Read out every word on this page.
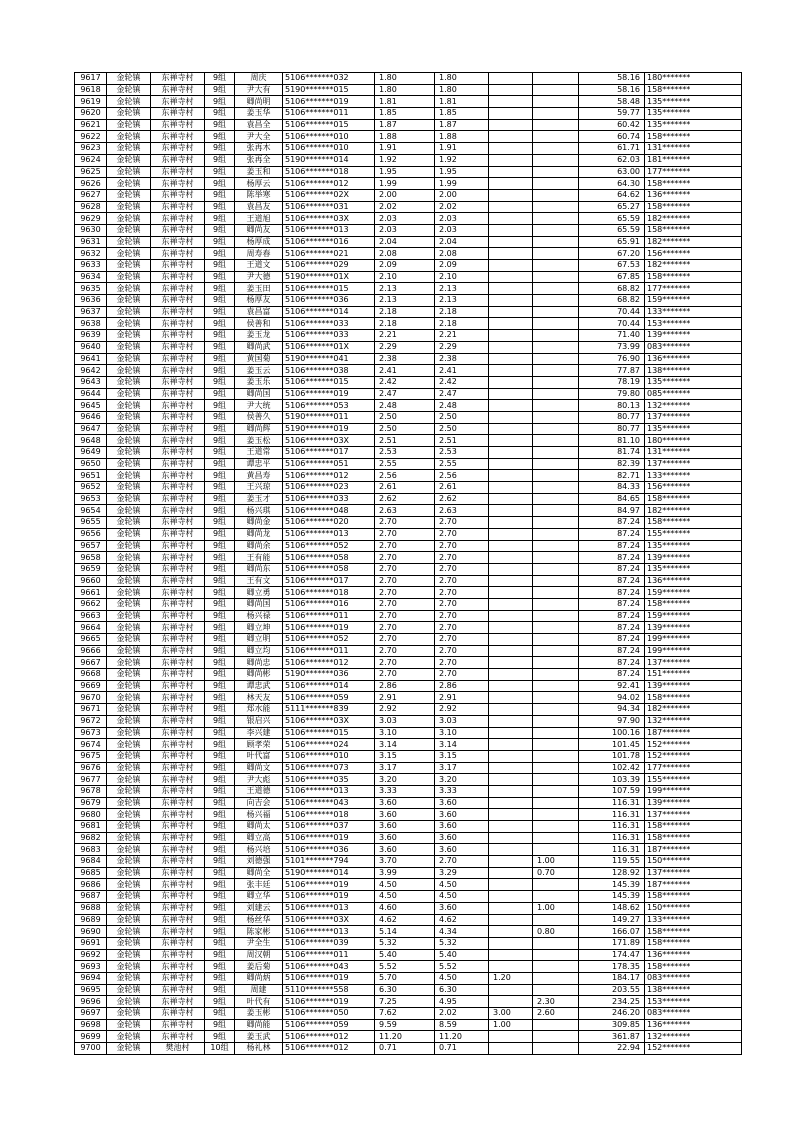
9617	金轮镇	东禅寺村	9组	周庆	5106*******032	1.80	1.80			58.16	180*******
9618	金轮镇	东禅寺村	9组	尹大有	5190*******015	1.80	1.80			58.16	158*******
9619	金轮镇	东禅寺村	9组	卿尚明	5106*******019	1.81	1.81			58.48	135*******
9620	金轮镇	东禅寺村	9组	姜玉华	5106*******011	1.85	1.85			59.77	135*******
9621	金轮镇	东禅寺村	9组	袁昌全	5106*******015	1.87	1.87			60.42	135*******
9622	金轮镇	东禅寺村	9组	尹大全	5106*******010	1.88	1.88			60.74	158*******
9623	金轮镇	东禅寺村	9组	张再木	5106*******010	1.91	1.91			61.71	131*******
9624	金轮镇	东禅寺村	9组	张再全	5190*******014	1.92	1.92			62.03	181*******
9625	金轮镇	东禅寺村	9组	姜玉和	5106*******018	1.95	1.95			63.00	177*******
9626	金轮镇	东禅寺村	9组	杨厚云	5106*******012	1.99	1.99			64.30	158*******
9627	金轮镇	东禅寺村	9组	陈举寒	5106*******02X	2.00	2.00			64.62	136*******
9628	金轮镇	东禅寺村	9组	袁昌友	5106*******031	2.02	2.02			65.27	158*******
9629	金轮镇	东禅寺村	9组	王道旭	5106*******03X	2.03	2.03			65.59	182*******
9630	金轮镇	东禅寺村	9组	卿尚友	5106*******013	2.03	2.03			65.59	158*******
9631	金轮镇	东禅寺村	9组	杨厚成	5106*******016	2.04	2.04			65.91	182*******
9632	金轮镇	东禅寺村	9组	周寿春	5106*******021	2.08	2.08			67.20	156*******
9633	金轮镇	东禅寺村	9组	王道文	5106*******029	2.09	2.09			67.53	182*******
9634	金轮镇	东禅寺村	9组	尹大德	5190*******01X	2.10	2.10			67.85	158*******
9635	金轮镇	东禅寺村	9组	姜玉田	5106*******015	2.13	2.13			68.82	177*******
9636	金轮镇	东禅寺村	9组	杨厚友	5106*******036	2.13	2.13			68.82	159*******
9637	金轮镇	东禅寺村	9组	袁昌富	5106*******014	2.18	2.18			70.44	133*******
9638	金轮镇	东禅寺村	9组	侯善和	5106*******033	2.18	2.18			70.44	153*******
9639	金轮镇	东禅寺村	9组	姜玉龙	5106*******033	2.21	2.21			71.40	139*******
9640	金轮镇	东禅寺村	9组	卿尚武	5106*******01X	2.29	2.29			73.99	083*******
9641	金轮镇	东禅寺村	9组	黄国菊	5190*******041	2.38	2.38			76.90	136*******
9642	金轮镇	东禅寺村	9组	姜玉云	5106*******038	2.41	2.41			77.87	138*******
9643	金轮镇	东禅寺村	9组	姜玉乐	5106*******015	2.42	2.42			78.19	135*******
9644	金轮镇	东禅寺村	9组	卿尚国	5106*******019	2.47	2.47			79.80	085*******
9645	金轮镇	东禅寺村	9组	尹大统	5106*******053	2.48	2.48			80.13	132*******
9646	金轮镇	东禅寺村	9组	侯善久	5190*******011	2.50	2.50			80.77	137*******
9647	金轮镇	东禅寺村	9组	卿尚辉	5190*******019	2.50	2.50			80.77	135*******
9648	金轮镇	东禅寺村	9组	姜玉松	5106*******03X	2.51	2.51			81.10	180*******
9649	金轮镇	东禅寺村	9组	王道常	5106*******017	2.53	2.53			81.74	131*******
9650	金轮镇	东禅寺村	9组	谭忠平	5106*******051	2.55	2.55			82.39	137*******
9651	金轮镇	东禅寺村	9组	黄昌寿	5106*******012	2.56	2.56			82.71	133*******
9652	金轮镇	东禅寺村	9组	王兴琼	5106*******023	2.61	2.61			84.33	156*******
9653	金轮镇	东禅寺村	9组	姜玉才	5106*******033	2.62	2.62			84.65	158*******
9654	金轮镇	东禅寺村	9组	杨兴琪	5106*******048	2.63	2.63			84.97	182*******
9655	金轮镇	东禅寺村	9组	卿尚金	5106*******020	2.70	2.70			87.24	158*******
9656	金轮镇	东禅寺村	9组	卿尚龙	5106*******013	2.70	2.70			87.24	155*******
9657	金轮镇	东禅寺村	9组	卿尚余	5106*******052	2.70	2.70			87.24	135*******
9658	金轮镇	东禅寺村	9组	王有能	5106*******058	2.70	2.70			87.24	139*******
9659	金轮镇	东禅寺村	9组	卿尚东	5106*******058	2.70	2.70			87.24	135*******
9660	金轮镇	东禅寺村	9组	王有文	5106*******017	2.70	2.70			87.24	136*******
9661	金轮镇	东禅寺村	9组	卿立勇	5106*******018	2.70	2.70			87.24	159*******
9662	金轮镇	东禅寺村	9组	卿尚国	5106*******016	2.70	2.70			87.24	158*******
9663	金轮镇	东禅寺村	9组	杨兴禄	5106*******011	2.70	2.70			87.24	159*******
9664	金轮镇	东禅寺村	9组	卿立坤	5106*******019	2.70	2.70			87.24	139*******
9665	金轮镇	东禅寺村	9组	卿立明	5106*******052	2.70	2.70			87.24	199*******
9666	金轮镇	东禅寺村	9组	卿立均	5106*******011	2.70	2.70			87.24	199*******
9667	金轮镇	东禅寺村	9组	卿尚忠	5106*******012	2.70	2.70			87.24	137*******
9668	金轮镇	东禅寺村	9组	卿尚彬	5190*******036	2.70	2.70			87.24	151*******
9669	金轮镇	东禅寺村	9组	谭忠武	5106*******014	2.86	2.86			92.41	139*******
9670	金轮镇	东禅寺村	9组	林天友	5106*******059	2.91	2.91			94.02	158*******
9671	金轮镇	东禅寺村	9组	郑水能	5111*******839	2.92	2.92			94.34	182*******
9672	金轮镇	东禅寺村	9组	银启兴	5106*******03X	3.03	3.03			97.90	132*******
9673	金轮镇	东禅寺村	9组	李兴建	5106*******015	3.10	3.10			100.16	187*******
9674	金轮镇	东禅寺村	9组	顾孝荣	5106*******024	3.14	3.14			101.45	152*******
9675	金轮镇	东禅寺村	9组	叶代富	5106*******010	3.15	3.15			101.78	152*******
9676	金轮镇	东禅寺村	9组	卿尚文	5106*******073	3.17	3.17			102.42	177*******
9677	金轮镇	东禅寺村	9组	尹大彪	5106*******035	3.20	3.20			103.39	155*******
9678	金轮镇	东禅寺村	9组	王道德	5106*******013	3.33	3.33			107.59	199*******
9679	金轮镇	东禅寺村	9组	向吉会	5106*******043	3.60	3.60			116.31	139*******
9680	金轮镇	东禅寺村	9组	杨兴福	5106*******018	3.60	3.60			116.31	137*******
9681	金轮镇	东禅寺村	9组	卿尚太	5106*******037	3.60	3.60			116.31	158*******
9682	金轮镇	东禅寺村	9组	卿立高	5106*******019	3.60	3.60			116.31	158*******
9683	金轮镇	东禅寺村	9组	杨兴培	5106*******036	3.60	3.60			116.31	187*******
9684	金轮镇	东禅寺村	9组	刘德强	5101*******794	3.70	2.70		1.00	119.55	150*******
9685	金轮镇	东禅寺村	9组	卿尚全	5190*******014	3.99	3.29		0.70	128.92	137*******
9686	金轮镇	东禅寺村	9组	张丰廷	5106*******019	4.50	4.50			145.39	187*******
9687	金轮镇	东禅寺村	9组	卿立华	5106*******019	4.50	4.50			145.39	158*******
9688	金轮镇	东禅寺村	9组	刘建云	5106*******013	4.60	3.60		1.00	148.62	150*******
9689	金轮镇	东禅寺村	9组	杨丝华	5106*******03X	4.62	4.62			149.27	133*******
9690	金轮镇	东禅寺村	9组	陈家彬	5106*******013	5.14	4.34		0.80	166.07	158*******
9691	金轮镇	东禅寺村	9组	尹全生	5106*******039	5.32	5.32			171.89	158*******
9692	金轮镇	东禅寺村	9组	周汉朝	5106*******011	5.40	5.40			174.47	136*******
9693	金轮镇	东禅寺村	9组	姜后菊	5106*******043	5.52	5.52			178.35	158*******
9694	金轮镇	东禅寺村	9组	卿尚炳	5106*******019	5.70	4.50	1.20		184.17	083*******
9695	金轮镇	东禅寺村	9组	周建	5110*******558	6.30	6.30			203.55	138*******
9696	金轮镇	东禅寺村	9组	叶代有	5106*******019	7.25	4.95		2.30	234.25	153*******
9697	金轮镇	东禅寺村	9组	姜玉彬	5106*******050	7.62	2.02	3.00	2.60	246.20	083*******
9698	金轮镇	东禅寺村	9组	卿尚能	5106*******059	9.59	8.59	1.00		309.85	136*******
9699	金轮镇	东禅寺村	9组	姜玉武	5106*******012	11.20	11.20			361.87	132*******
9700	金轮镇	樊池村	10组	杨礼林	5106*******012	0.71	0.71			22.94	152*******
